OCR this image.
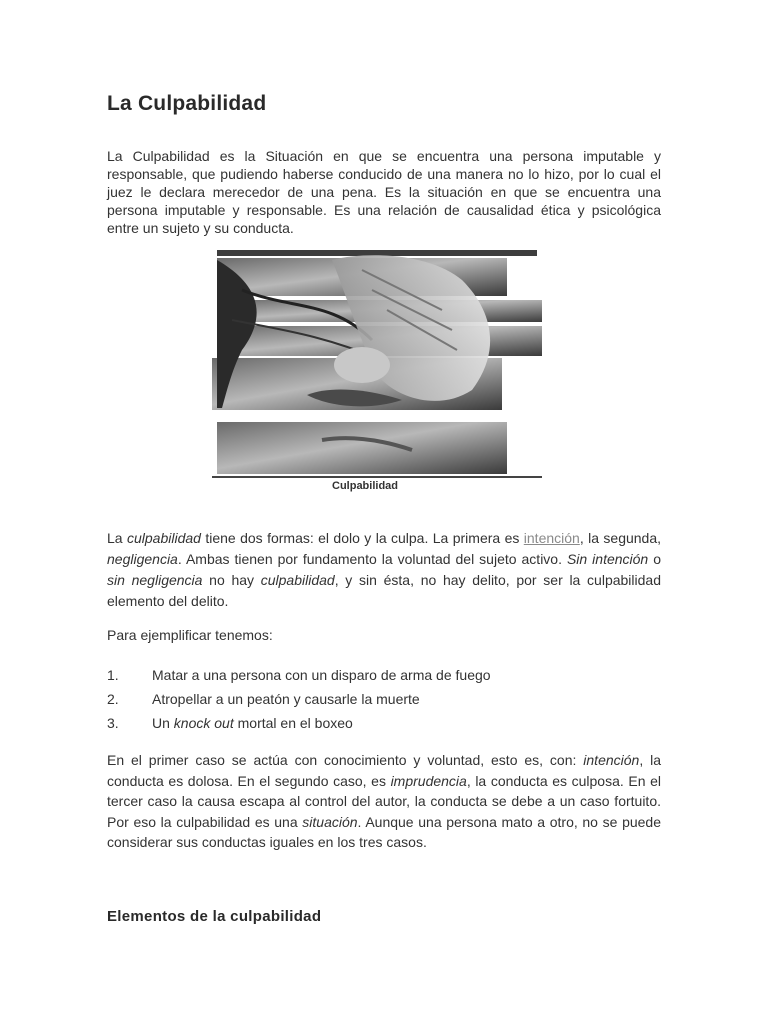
La Culpabilidad

La Culpabilidad es la Situación en que se encuentra una persona imputable y responsable, que pudiendo haberse conducido de una manera no lo hizo, por lo cual el juez le declara merecedor de una pena. Es la situación en que se encuentra una persona imputable y responsable. Es una relación de causalidad ética y psicológica entre un sujeto y su conducta.

Culpabilidad

La culpabilidad tiene dos formas: el dolo y la culpa. La primera es intención, la segunda, negligencia. Ambas tienen por fundamento la voluntad del sujeto activo. Sin intención o sin negligencia no hay culpabilidad, y sin ésta, no hay delito, por ser la culpabilidad elemento del delito.

Para ejemplificar tenemos:

1. Matar a una persona con un disparo de arma de fuego
2. Atropellar a un peatón y causarle la muerte
3. Un knock out mortal en el boxeo

En el primer caso se actúa con conocimiento y voluntad, esto es, con: intención, la conducta es dolosa. En el segundo caso, es imprudencia, la conducta es culposa. En el tercer caso la causa escapa al control del autor, la conducta se debe a un caso fortuito. Por eso la culpabilidad es una situación. Aunque una persona mato a otro, no se puede considerar sus conductas iguales en los tres casos.

Elementos de la culpabilidad
